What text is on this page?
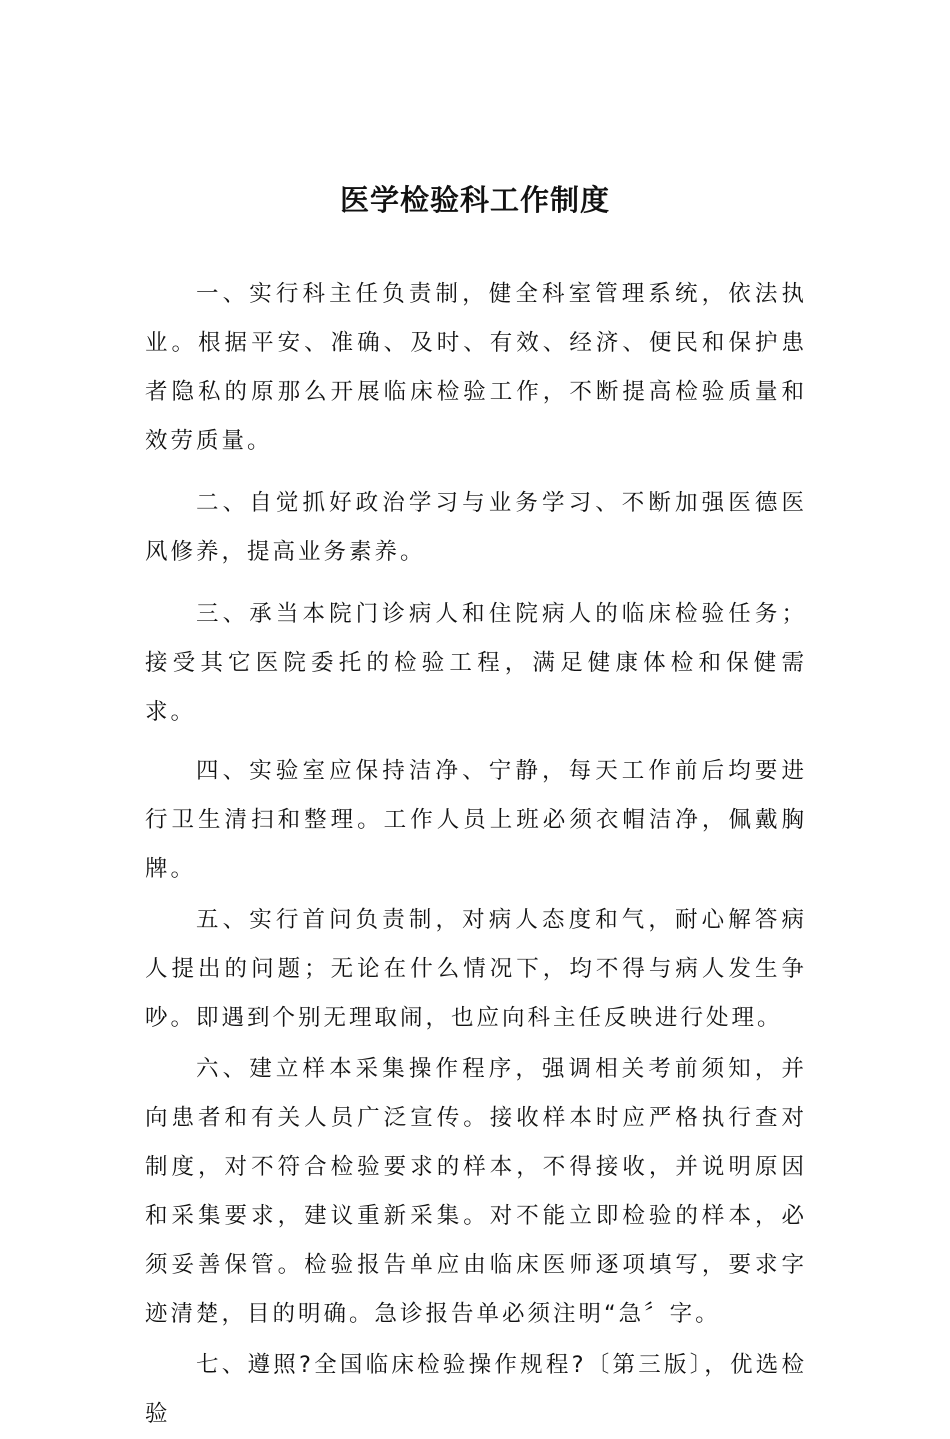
医学检验科工作制度

一、实行科主任负责制，健全科室管理系统，依法执业。根据平安、准确、及时、有效、经济、便民和保护患者隐私的原那么开展临床检验工作，不断提高检验质量和效劳质量。

二、自觉抓好政治学习与业务学习、不断加强医德医风修养，提高业务素养。

三、承当本院门诊病人和住院病人的临床检验任务；接受其它医院委托的检验工程，满足健康体检和保健需求。

四、实验室应保持洁净、宁静，每天工作前后均要进行卫生清扫和整理。工作人员上班必须衣帽洁净，佩戴胸牌。

五、实行首问负责制，对病人态度和气，耐心解答病人提出的问题；无论在什么情况下，均不得与病人发生争吵。即遇到个别无理取闹，也应向科主任反映进行处理。

六、建立样本采集操作程序，强调相关考前须知，并向患者和有关人员广泛宣传。接收样本时应严格执行查对制度，对不符合检验要求的样本，不得接收，并说明原因和采集要求，建议重新采集。对不能立即检验的样本，必须妥善保管。检验报告单应由临床医师逐项填写，要求字迹清楚，目的明确。急诊报告单必须注明“急〞字。

七、遵照?全国临床检验操作规程?〔第三版〕，优选检验
